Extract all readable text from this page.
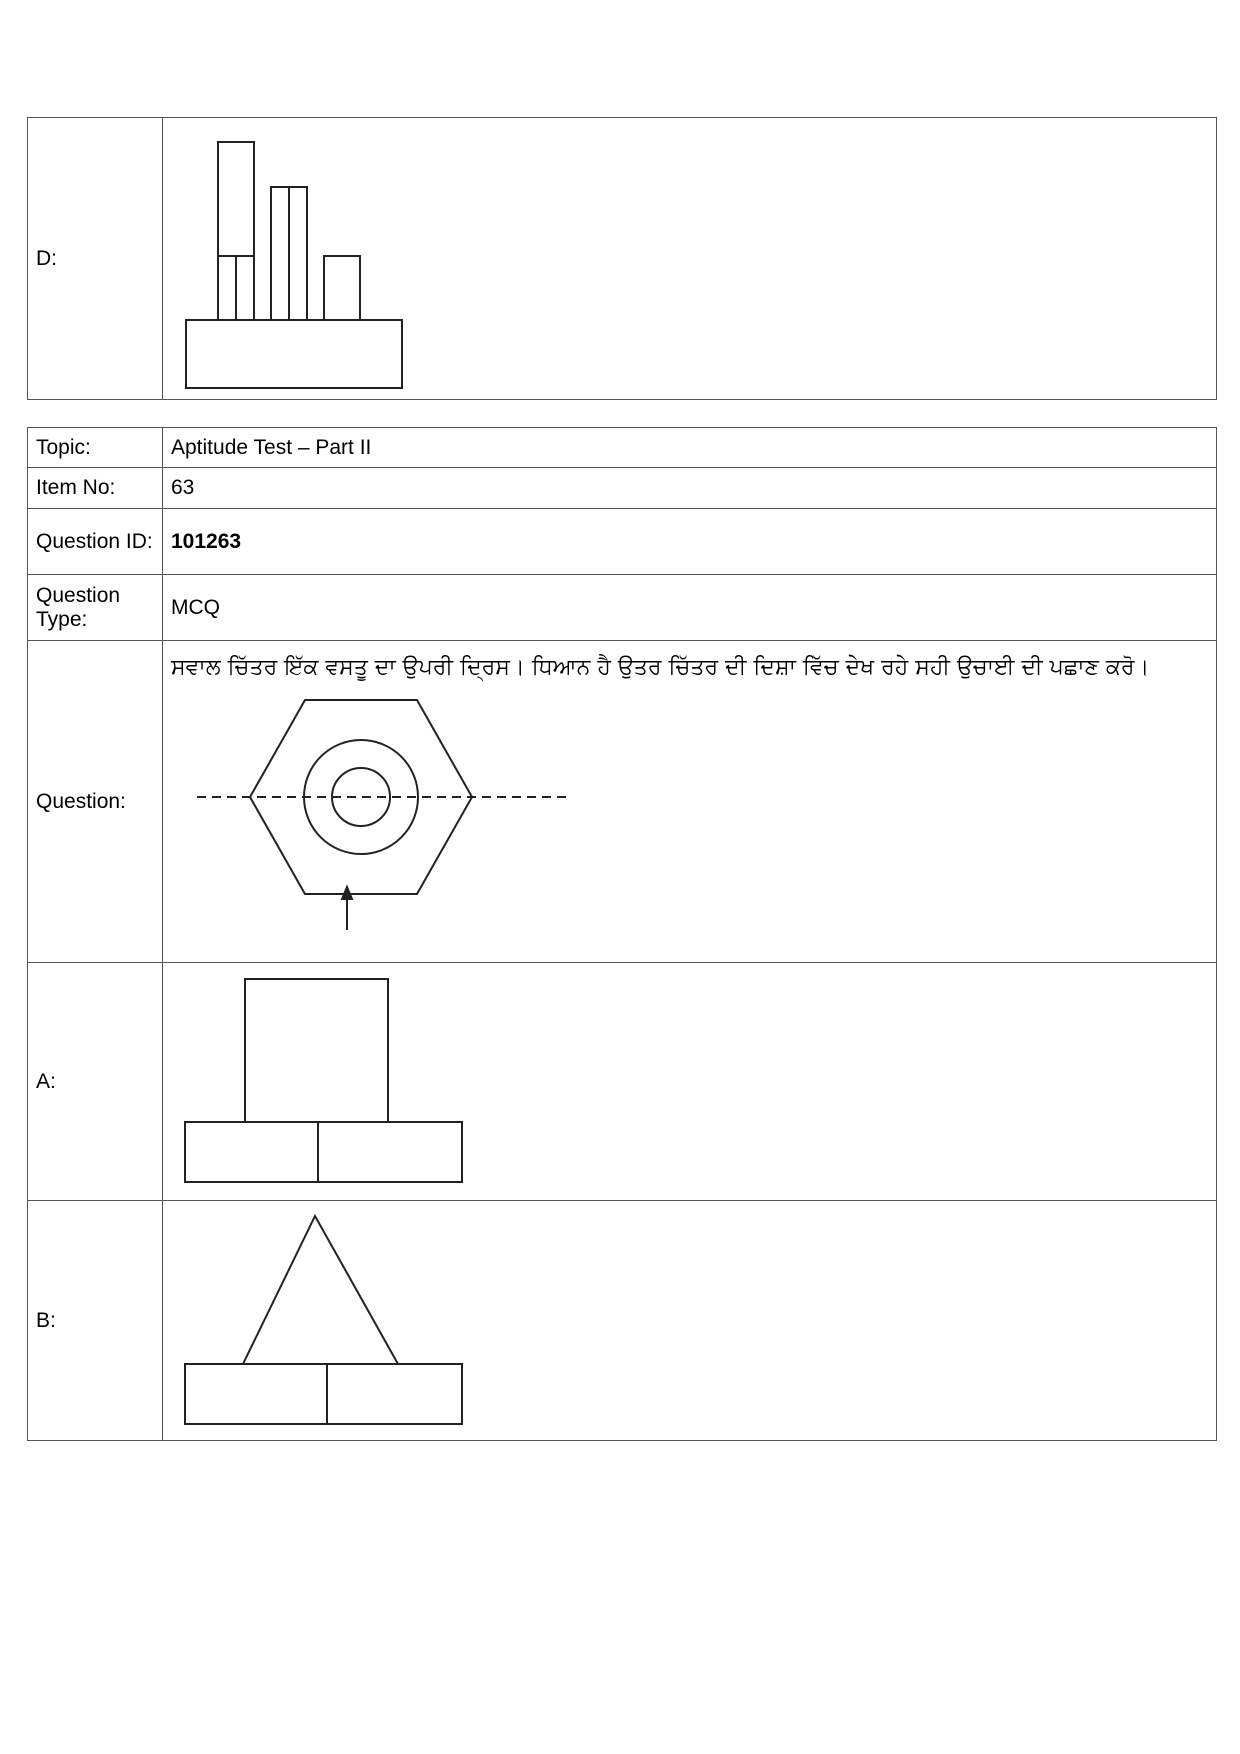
D:	
Topic:	Aptitude Test – Part II
Item No:	63
Question ID:	101263
Question Type:	MCQ
Question:	ਸਵਾਲ ਚਿੱਤਰ ਇੱਕ ਵਸਤੂ ਦਾ ਉਪਰੀ ਦ੍ਰਿਸ। ਧਿਆਨ ਹੈ ਉਤਰ ਚਿੱਤਰ ਦੀ ਦਿਸ਼ਾ ਵਿੱਚ ਦੇਖ ਰਹੇ ਸਹੀ ਉਚਾਈ ਦੀ ਪਛਾਣ ਕਰੋ।

A:	

B:	
